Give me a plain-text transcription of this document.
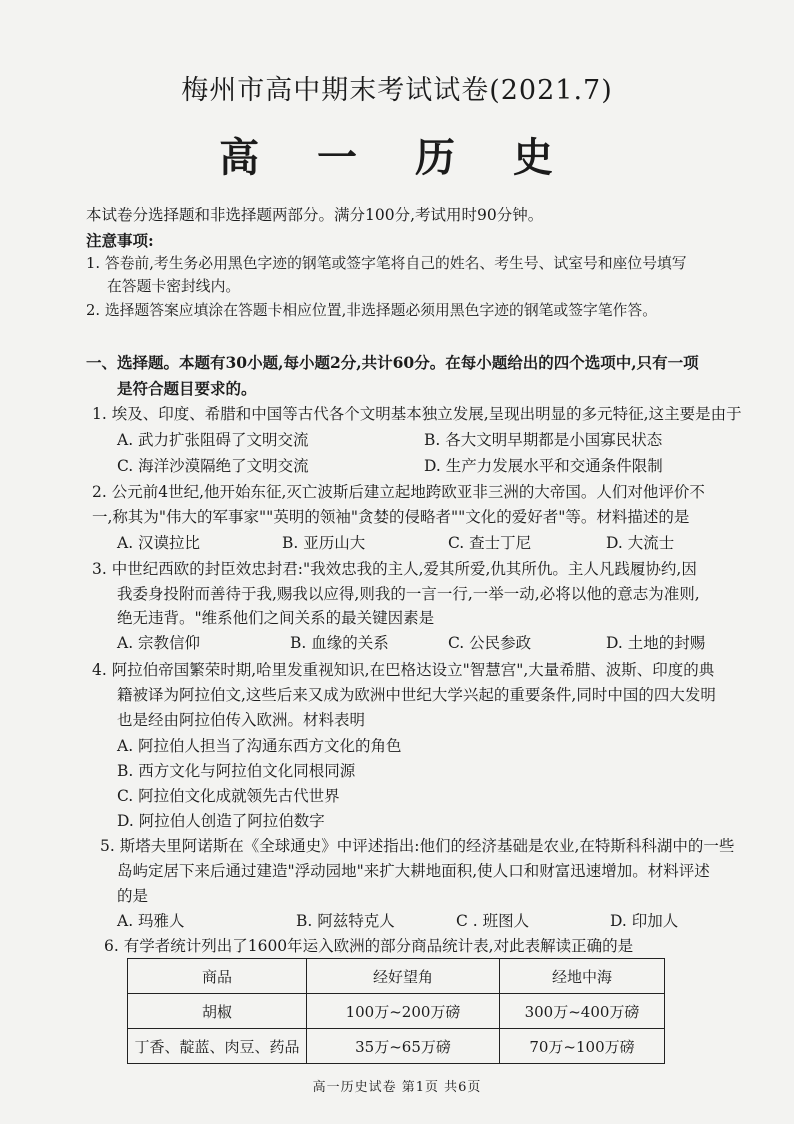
梅州市高中期末考试试卷(2021.7)
高 一 历 史
本试卷分选择题和非选择题两部分。满分100分,考试用时90分钟。
注意事项:
1. 答卷前,考生务必用黑色字迹的钢笔或签字笔将自己的姓名、考生号、试室号和座位号填写
在答题卡密封线内。
2. 选择题答案应填涂在答题卡相应位置,非选择题必须用黑色字迹的钢笔或签字笔作答。
一、选择题。本题有30小题,每小题2分,共计60分。在每小题给出的四个选项中,只有一项
是符合题目要求的。
1. 埃及、印度、希腊和中国等古代各个文明基本独立发展,呈现出明显的多元特征,这主要是由于
A. 武力扩张阻碍了文明交流	B. 各大文明早期都是小国寡民状态
C. 海洋沙漠隔绝了文明交流	D. 生产力发展水平和交通条件限制
2. 公元前4世纪,他开始东征,灭亡波斯后建立起地跨欧亚非三洲的大帝国。人们对他评价不
一,称其为"伟大的军事家""英明的领袖"贪婪的侵略者""文化的爱好者"等。材料描述的是
A. 汉谟拉比	B. 亚历山大	C. 查士丁尼	D. 大流士
3. 中世纪西欧的封臣效忠封君:"我效忠我的主人,爱其所爱,仇其所仇。主人凡践履协约,因
我委身投附而善待于我,赐我以应得,则我的一言一行,一举一动,必将以他的意志为准则,
绝无违背。"维系他们之间关系的最关键因素是
A. 宗教信仰	B. 血缘的关系	C. 公民参政	D. 土地的封赐
4. 阿拉伯帝国繁荣时期,哈里发重视知识,在巴格达设立"智慧宫",大量希腊、波斯、印度的典
籍被译为阿拉伯文,这些后来又成为欧洲中世纪大学兴起的重要条件,同时中国的四大发明
也是经由阿拉伯传入欧洲。材料表明
A. 阿拉伯人担当了沟通东西方文化的角色
B. 西方文化与阿拉伯文化同根同源
C. 阿拉伯文化成就领先古代世界
D. 阿拉伯人创造了阿拉伯数字
5. 斯塔夫里阿诺斯在《全球通史》中评述指出:他们的经济基础是农业,在特斯科科湖中的一些
岛屿定居下来后通过建造"浮动园地"来扩大耕地面积,使人口和财富迅速增加。材料评述
的是
A. 玛雅人	B. 阿兹特克人	C . 班图人	D. 印加人
6. 有学者统计列出了1600年运入欧洲的部分商品统计表,对此表解读正确的是
商品	经好望角	经地中海
胡椒	100万~200万磅	300万~400万磅
丁香、靛蓝、肉豆、药品	35万~65万磅	70万~100万磅
高一历史试卷 第1页 共6页
